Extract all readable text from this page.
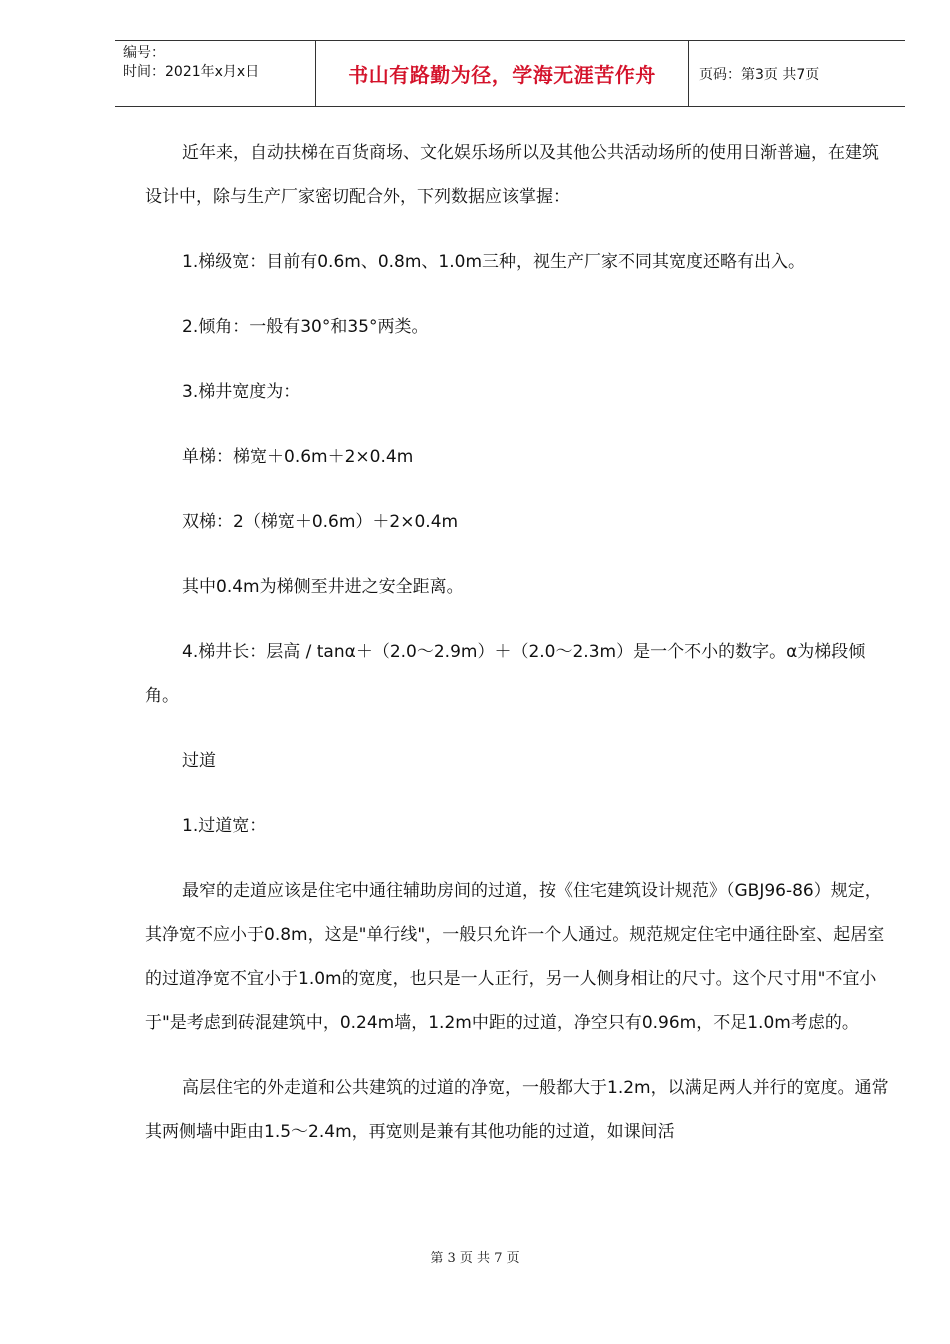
编号：
时间：2021年x月x日	书山有路勤为径，学海无涯苦作舟	页码：第3页 共7页

近年来，自动扶梯在百货商场、文化娱乐场所以及其他公共活动场所的使用日渐普遍，在建筑设计中，除与生产厂家密切配合外，下列数据应该掌握：

1.梯级宽：目前有0.6m、0.8m、1.0m三种，视生产厂家不同其宽度还略有出入。

2.倾角：一般有30°和35°两类。

3.梯井宽度为：

单梯：梯宽＋0.6m＋2×0.4m

双梯：2（梯宽＋0.6m）＋2×0.4m

其中0.4m为梯侧至井进之安全距离。

4.梯井长：层高 / tanα＋（2.0～2.9m）＋（2.0～2.3m）是一个不小的数字。α为梯段倾角。

过道

1.过道宽：

最窄的走道应该是住宅中通往辅助房间的过道，按《住宅建筑设计规范》（GBJ96-86）规定，其净宽不应小于0.8m，这是"单行线"，一般只允许一个人通过。规范规定住宅中通往卧室、起居室的过道净宽不宜小于1.0m的宽度，也只是一人正行，另一人侧身相让的尺寸。这个尺寸用"不宜小于"是考虑到砖混建筑中，0.24m墙，1.2m中距的过道，净空只有0.96m，不足1.0m考虑的。

高层住宅的外走道和公共建筑的过道的净宽，一般都大于1.2m，以满足两人并行的宽度。通常其两侧墙中距由1.5～2.4m，再宽则是兼有其他功能的过道，如课间活

第 3 页 共 7 页
